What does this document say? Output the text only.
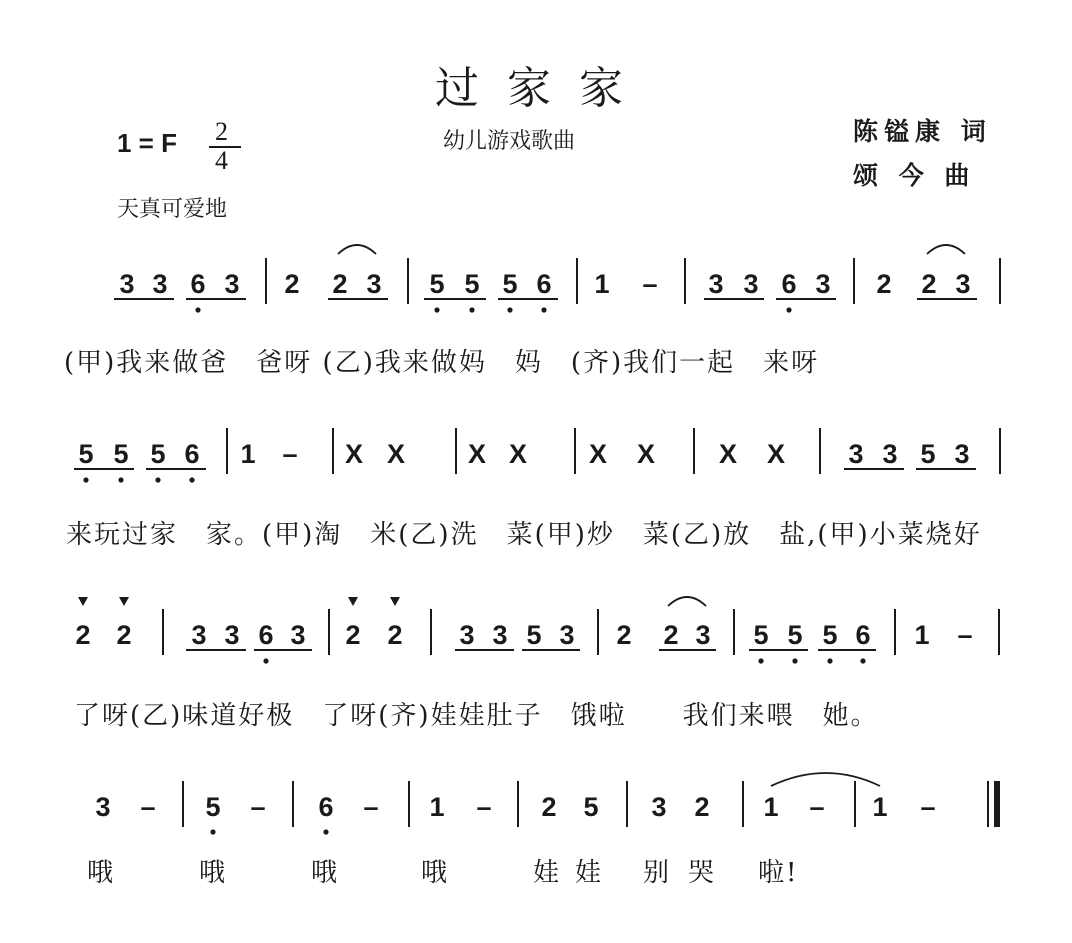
过家家
幼儿游戏歌曲	陈镒康 词
颂 今 曲
1 = F 2
4
天真可爱地
3 3 6 3 2 2 3 5 5 5 6 1 – 3 3 6 3 2 2 3
5 5 5 6 1 – X X X X X X X X 3 3 5 3
2 2 3 3 6 3 2 2 3 3 5 3 2 2 3 5 5 5 6 1 –
3 – 5 – 6 – 1 – 2 5 3 2 1 – 1 –
(甲)我来做爸　爸呀 (乙)我来做妈　妈　(齐)我们一起　来呀
来玩过家　家。(甲)淘　米(乙)洗　菜(甲)炒　菜(乙)放　盐,(甲)小菜烧好
了呀(乙)味道好极　了呀(齐)娃娃肚子　饿啦　　我们来喂　她。
哦	哦	哦	哦	娃 娃 别 哭 啦!
